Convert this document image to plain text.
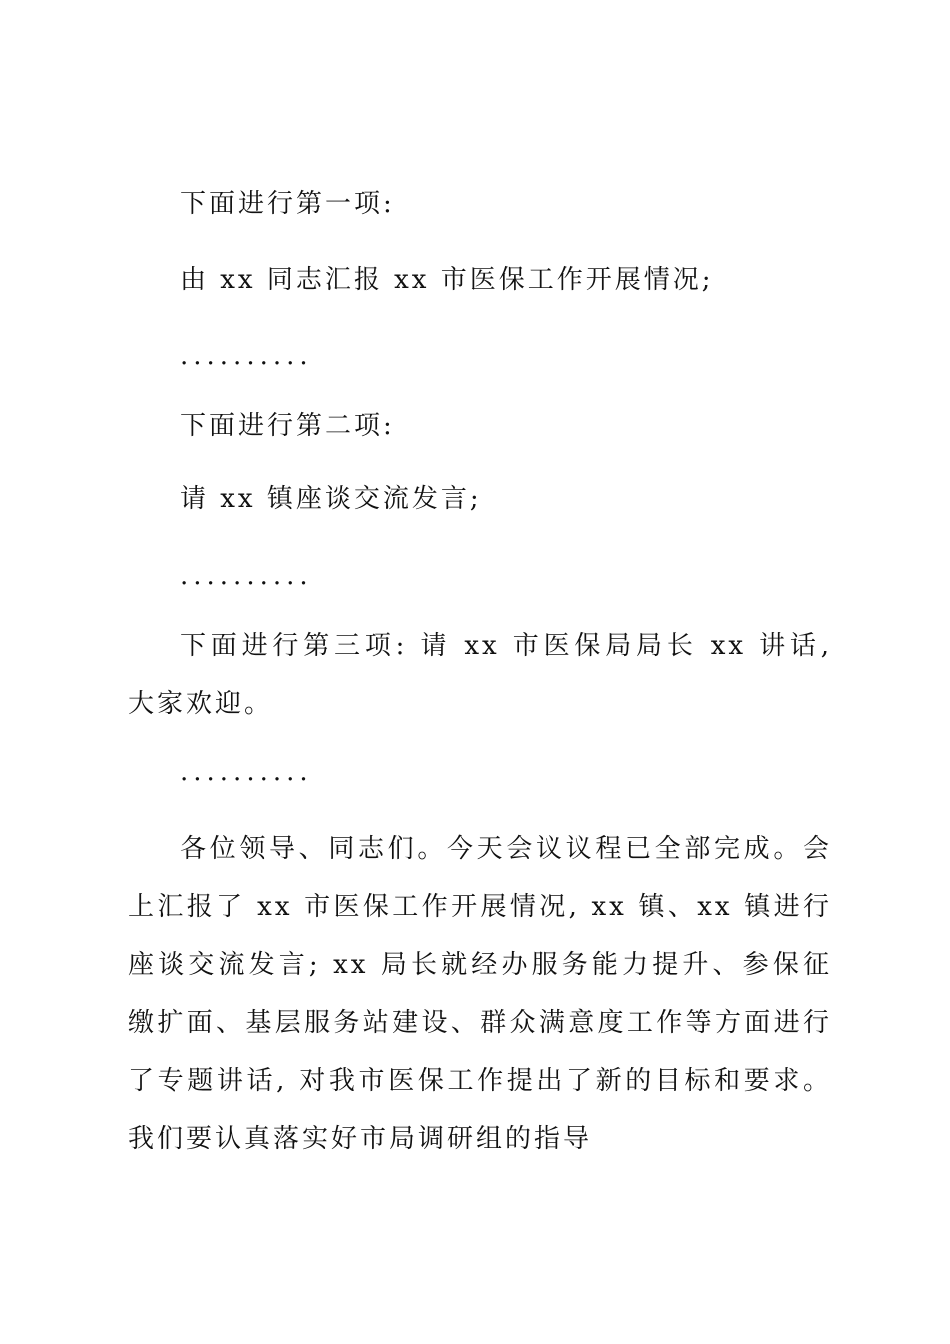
下面进行第一项:

由 xx 同志汇报 xx 市医保工作开展情况;

..........

下面进行第二项:

请 xx 镇座谈交流发言;

..........

下面进行第三项: 请 xx 市医保局局长 xx 讲话, 大家欢迎。

..........

各位领导、同志们。今天会议议程已全部完成。会上汇报了 xx 市医保工作开展情况, xx 镇、xx 镇进行座谈交流发言; xx 局长就经办服务能力提升、参保征缴扩面、基层服务站建设、群众满意度工作等方面进行了专题讲话, 对我市医保工作提出了新的目标和要求。我们要认真落实好市局调研组的指导
